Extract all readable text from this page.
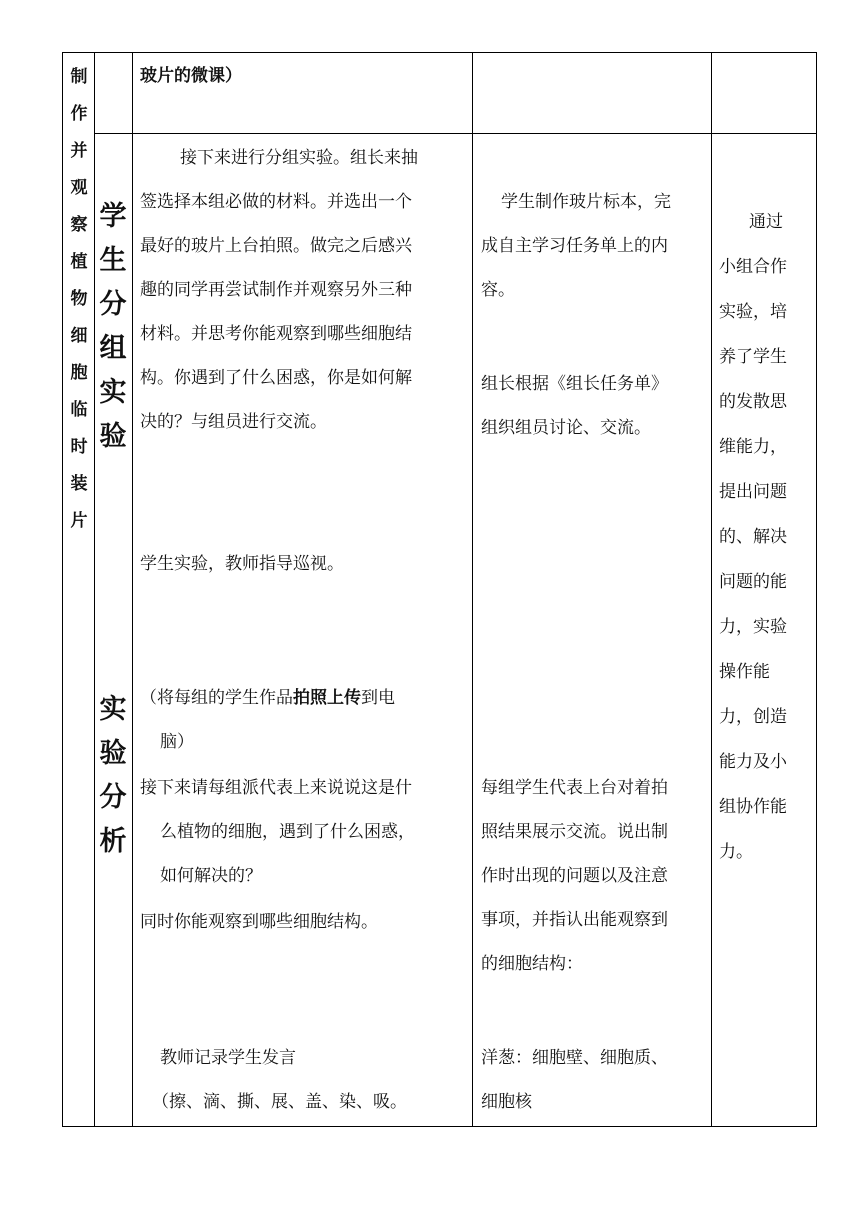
制
作
并
观
察
植
物
细
胞
临
时
装
片
玻片的微课）
学
生
分
组
实
验
实
验
分
析
接下来进行分组实验。组长来抽
签选择本组必做的材料。并选出一个
最好的玻片上台拍照。做完之后感兴
趣的同学再尝试制作并观察另外三种
材料。并思考你能观察到哪些细胞结
构。你遇到了什么困惑，你是如何解
决的？与组员进行交流。
学生实验，教师指导巡视。
（将每组的学生作品拍照上传到电
脑）
接下来请每组派代表上来说说这是什
么植物的细胞，遇到了什么困惑，
如何解决的？
同时你能观察到哪些细胞结构。
教师记录学生发言
（擦、滴、撕、展、盖、染、吸。
学生制作玻片标本，完
成自主学习任务单上的内
容。
组长根据《组长任务单》
组织组员讨论、交流。
每组学生代表上台对着拍
照结果展示交流。说出制
作时出现的问题以及注意
事项，并指认出能观察到
的细胞结构：
洋葱：细胞壁、细胞质、
细胞核
通过
小组合作
实验，培
养了学生
的发散思
维能力，
提出问题
的、解决
问题的能
力，实验
操作能
力，创造
能力及小
组协作能
力。
